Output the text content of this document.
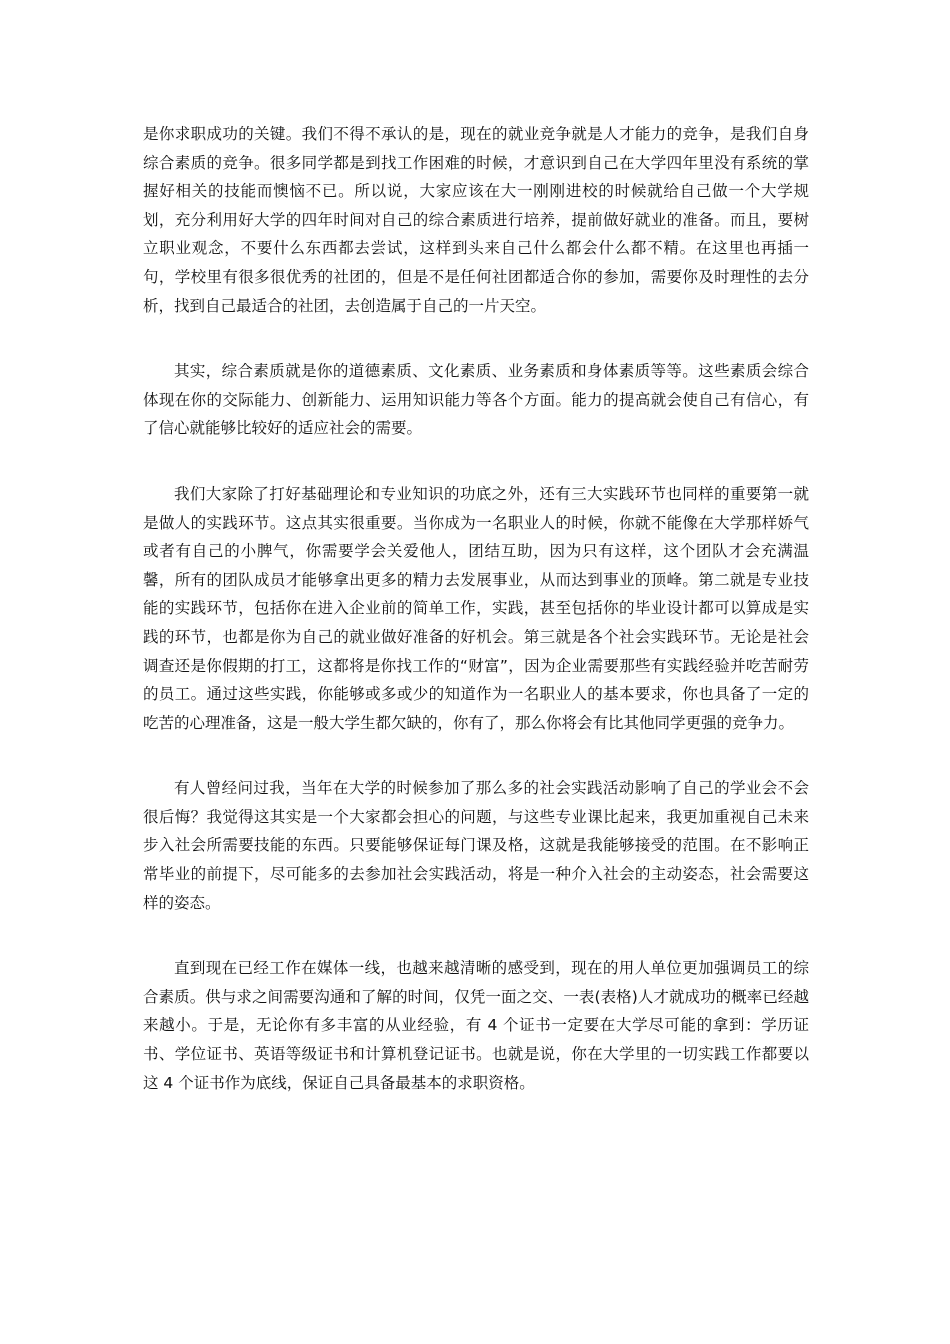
是你求职成功的关键。我们不得不承认的是，现在的就业竞争就是人才能力的竞争，是我们自身综合素质的竞争。很多同学都是到找工作困难的时候，才意识到自己在大学四年里没有系统的掌握好相关的技能而懊恼不已。所以说，大家应该在大一刚刚进校的时候就给自己做一个大学规划，充分利用好大学的四年时间对自己的综合素质进行培养，提前做好就业的准备。而且，要树立职业观念，不要什么东西都去尝试，这样到头来自己什么都会什么都不精。在这里也再插一句，学校里有很多很优秀的社团的，但是不是任何社团都适合你的参加，需要你及时理性的去分析，找到自己最适合的社团，去创造属于自己的一片天空。

其实，综合素质就是你的道德素质、文化素质、业务素质和身体素质等等。这些素质会综合体现在你的交际能力、创新能力、运用知识能力等各个方面。能力的提高就会使自己有信心，有了信心就能够比较好的适应社会的需要。

我们大家除了打好基础理论和专业知识的功底之外，还有三大实践环节也同样的重要第一就是做人的实践环节。这点其实很重要。当你成为一名职业人的时候，你就不能像在大学那样娇气或者有自己的小脾气，你需要学会关爱他人，团结互助，因为只有这样，这个团队才会充满温馨，所有的团队成员才能够拿出更多的精力去发展事业，从而达到事业的顶峰。第二就是专业技能的实践环节，包括你在进入企业前的简单工作，实践，甚至包括你的毕业设计都可以算成是实践的环节，也都是你为自己的就业做好准备的好机会。第三就是各个社会实践环节。无论是社会调查还是你假期的打工，这都将是你找工作的“财富”，因为企业需要那些有实践经验并吃苦耐劳的员工。通过这些实践，你能够或多或少的知道作为一名职业人的基本要求，你也具备了一定的吃苦的心理准备，这是一般大学生都欠缺的，你有了，那么你将会有比其他同学更强的竞争力。

有人曾经问过我，当年在大学的时候参加了那么多的社会实践活动影响了自己的学业会不会很后悔？我觉得这其实是一个大家都会担心的问题，与这些专业课比起来，我更加重视自己未来步入社会所需要技能的东西。只要能够保证每门课及格，这就是我能够接受的范围。在不影响正常毕业的前提下，尽可能多的去参加社会实践活动，将是一种介入社会的主动姿态，社会需要这样的姿态。

直到现在已经工作在媒体一线，也越来越清晰的感受到，现在的用人单位更加强调员工的综合素质。供与求之间需要沟通和了解的时间，仅凭一面之交、一表(表格)人才就成功的概率已经越来越小。于是，无论你有多丰富的从业经验，有 4 个证书一定要在大学尽可能的拿到：学历证书、学位证书、英语等级证书和计算机登记证书。也就是说，你在大学里的一切实践工作都要以这 4 个证书作为底线，保证自己具备最基本的求职资格。
